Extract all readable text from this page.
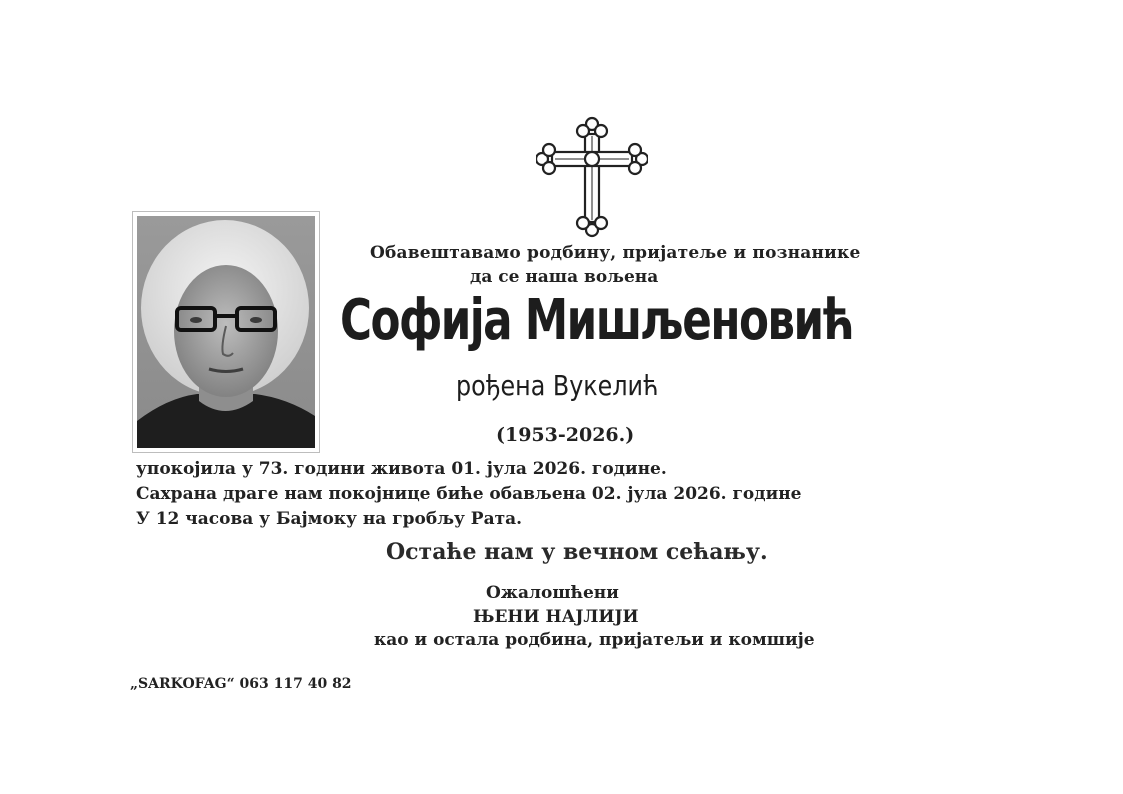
Обавештавамо родбину, пријатеље и познанике
да се наша вољена
Софија Мишљеновић
рођена Вукелић
(1953-2026.)
упокојила у 73. години живота 01. јула 2026. године.
Сахрана драге нам покојнице биће обављена 02. јула 2026. године
У 12 часова у Бајмоку на гробљу Рата.
Остаће нам у вечном сећању.
Ожалошћени
ЊЕНИ НАЈЛИЈИ
као и остала родбина, пријатељи и комшије
„SARKOFAG“ 063 117 40 82
